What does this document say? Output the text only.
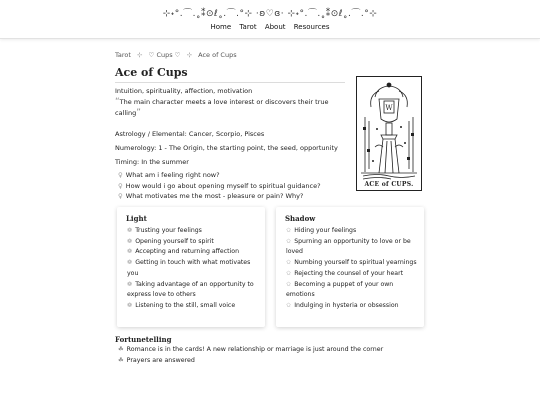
⊹˖°.⌒.˳⁑⊙ℓ˳.⌒.°⊹ ·ʚ♡ɞ· ⊹˖°.⌒.˳⁑⊙ℓ˳.⌒.°⊹
Home Tarot About Resources
Tarot ⊹ ♡ Cups ♡ ⊹ Ace of Cups
Ace of Cups
Intuition, spirituality, affection, motivation
“The main character meets a love interest or discovers their true calling”
Astrology / Elemental: Cancer, Scorpio, Pisces
Numerology: 1 - The Origin, the starting point, the seed, opportunity
Timing: In the summer
♀ What am i feeling right now?
♀ How would i go about opening myself to spiritual guidance?
♀ What motivates me the most - pleasure or pain? Why?
W
ACE of CUPS.
Light
❁ Trusting your feelings
❁ Opening yourself to spirit
❁ Accepting and returning affection
❁ Getting in touch with what motivates you
❁ Taking advantage of an opportunity to express love to others
❁ Listening to the still, small voice
Shadow
✩ Hiding your feelings
✩ Spurning an opportunity to love or be loved
✩ Numbing yourself to spiritual yearnings
✩ Rejecting the counsel of your heart
✩ Becoming a puppet of your own emotions
✩ Indulging in hysteria or obsession
Fortunetelling
☘ Romance is in the cards! A new relationship or marriage is just around the corner
☘ Prayers are answered
